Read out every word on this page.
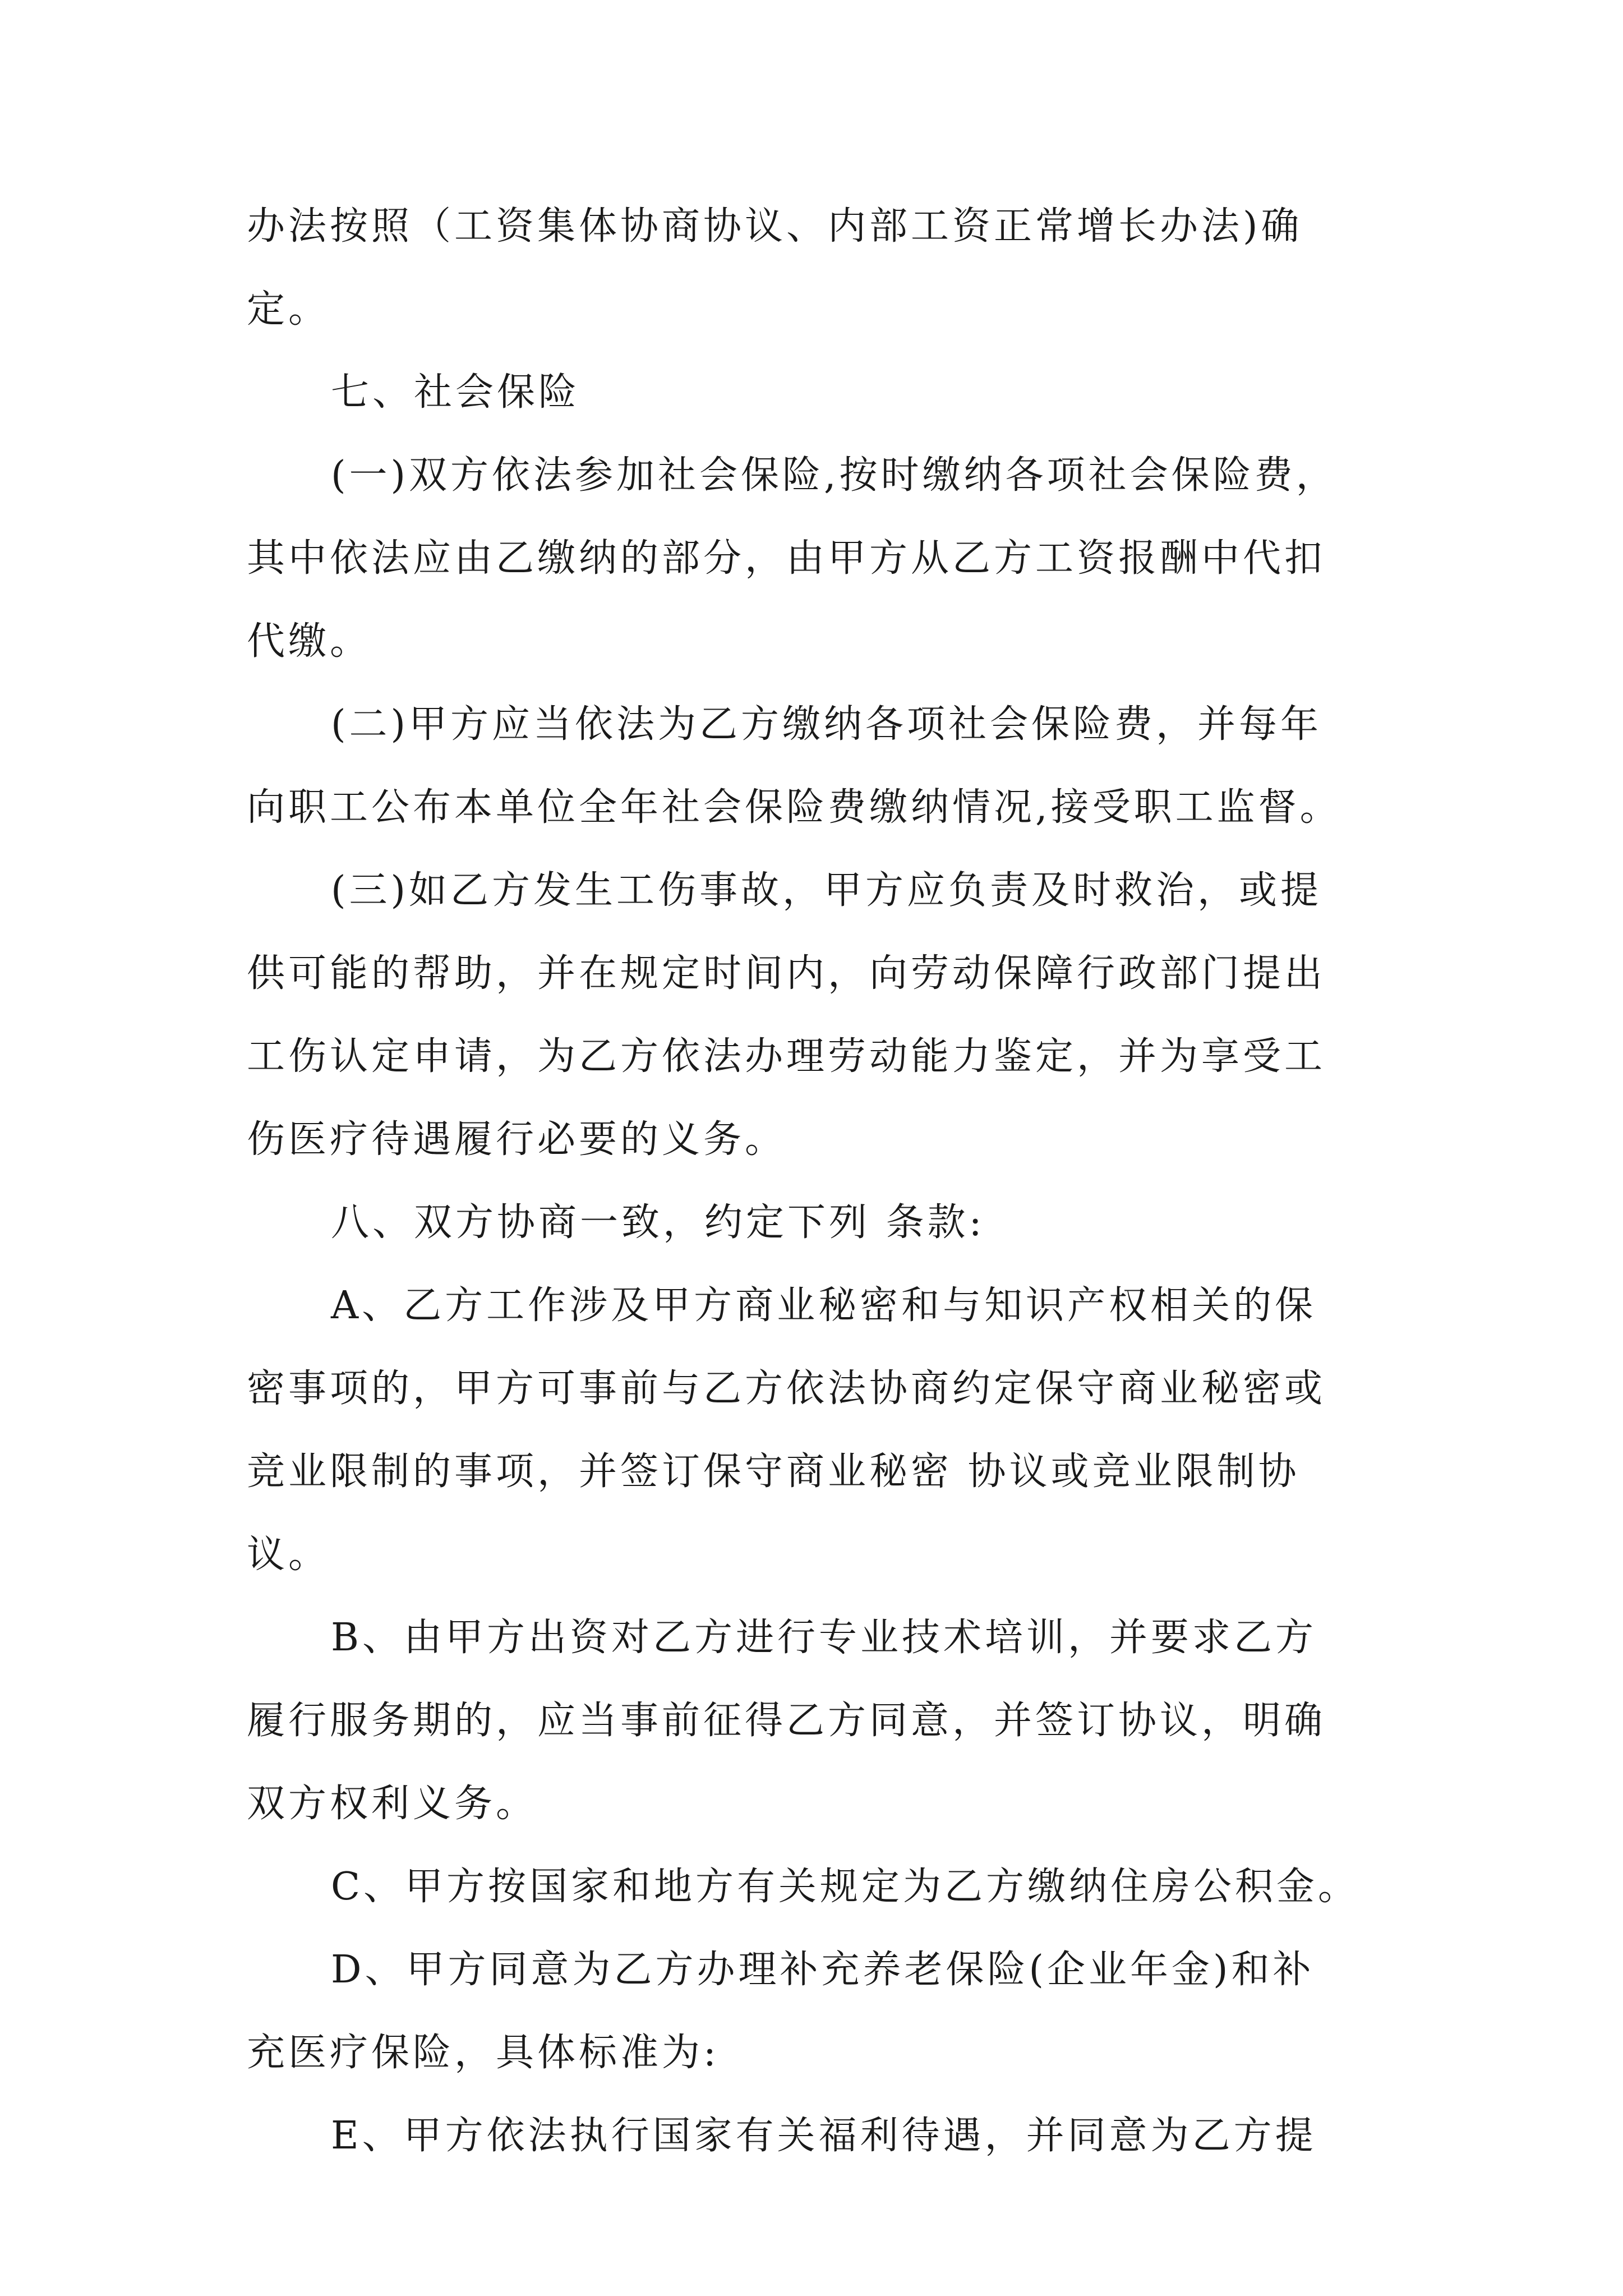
办法按照（工资集体协商协议、内部工资正常增长办法)确
定。
七、社会保险
(一)双方依法参加社会保险,按时缴纳各项社会保险费，
其中依法应由乙缴纳的部分，由甲方从乙方工资报酬中代扣
代缴。
(二)甲方应当依法为乙方缴纳各项社会保险费，并每年
向职工公布本单位全年社会保险费缴纳情况,接受职工监督。
(三)如乙方发生工伤事故，甲方应负责及时救治，或提
供可能的帮助，并在规定时间内，向劳动保障行政部门提出
工伤认定申请，为乙方依法办理劳动能力鉴定，并为享受工
伤医疗待遇履行必要的义务。
八、双方协商一致，约定下列 条款:
A、乙方工作涉及甲方商业秘密和与知识产权相关的保
密事项的，甲方可事前与乙方依法协商约定保守商业秘密或
竞业限制的事项，并签订保守商业秘密 协议或竞业限制协
议。
B、由甲方出资对乙方进行专业技术培训，并要求乙方
履行服务期的，应当事前征得乙方同意，并签订协议，明确
双方权利义务。
C、甲方按国家和地方有关规定为乙方缴纳住房公积金。
D、甲方同意为乙方办理补充养老保险(企业年金)和补
充医疗保险，具体标准为:
E、甲方依法执行国家有关福利待遇，并同意为乙方提
